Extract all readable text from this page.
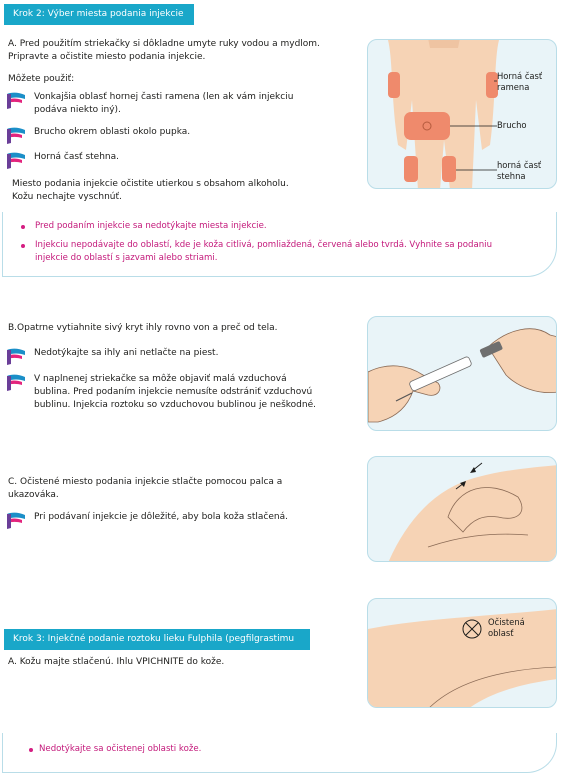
Krok 2: Výber miesta podania injekcie
A. Pred použitím striekačky si dôkladne umyte ruky vodou a mydlom.
Pripravte a očistite miesto podania injekcie.
Môžete použiť:
Vonkajšia oblasť hornej časti ramena (len ak vám injekciu
podáva niekto iný).
Brucho okrem oblasti okolo pupka.
Horná časť stehna.
Miesto podania injekcie očistite utierkou s obsahom alkoholu.
Kožu nechajte vyschnúť.
Horná časť
ramena
Brucho
horná časť
stehna
Pred podaním injekcie sa nedotýkajte miesta injekcie.
Injekciu nepodávajte do oblastí, kde je koža citlivá, pomliaždená, červená alebo tvrdá. Vyhnite sa podaniu
injekcie do oblastí s jazvami alebo striami.
B.Opatrne vytiahnite sivý kryt ihly rovno von a preč od tela.
Nedotýkajte sa ihly ani netlačte na piest.
V naplnenej striekačke sa môže objaviť malá vzduchová
bublina. Pred podaním injekcie nemusíte odstrániť vzduchovú
bublinu. Injekcia roztoku so vzduchovou bublinou je neškodné.
C. Očistené miesto podania injekcie stlačte pomocou palca a
ukazováka.
Pri podávaní injekcie je dôležité, aby bola koža stlačená.
Krok 3: Injekčné podanie roztoku lieku Fulphila (pegfilgrastimu
A. Kožu majte stlačenú. Ihlu VPICHNITE do kože.
Očistená
oblasť
Nedotýkajte sa očistenej oblasti kože.
